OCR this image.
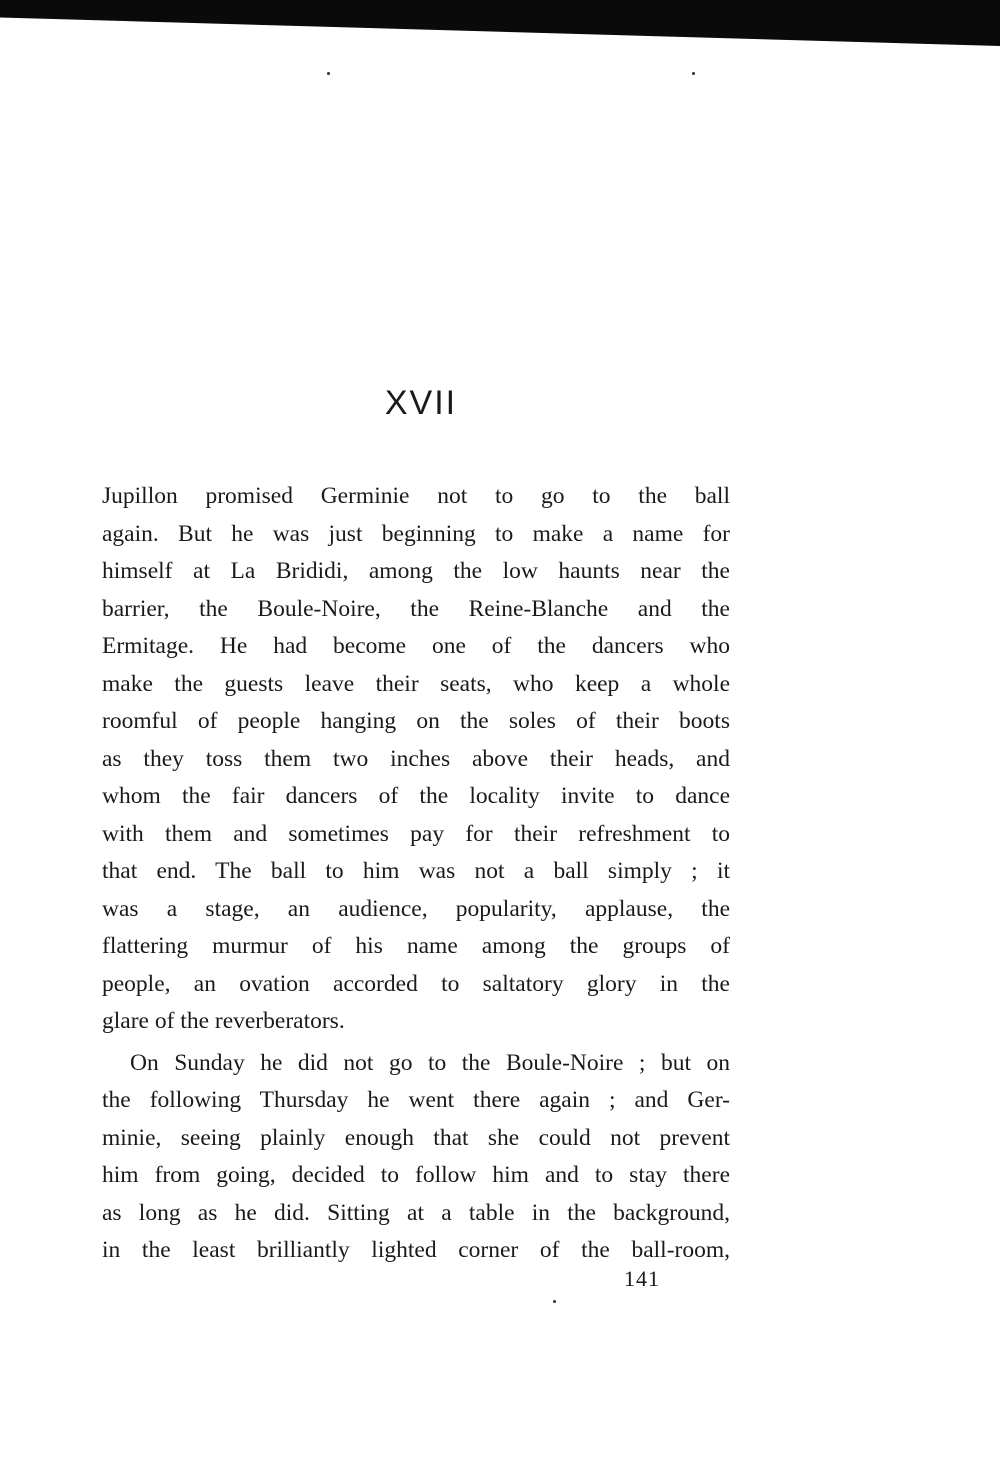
XVII
Jupillon promised Germinie not to go to the ball
again. But he was just beginning to make a name for
himself at La Brididi, among the low haunts near the
barrier, the Boule-Noire, the Reine-Blanche and the
Ermitage. He had become one of the dancers who
make the guests leave their seats, who keep a whole
roomful of people hanging on the soles of their boots
as they toss them two inches above their heads, and
whom the fair dancers of the locality invite to dance
with them and sometimes pay for their refreshment to
that end. The ball to him was not a ball simply ; it
was a stage, an audience, popularity, applause, the
flattering murmur of his name among the groups of
people, an ovation accorded to saltatory glory in the
glare of the reverberators.
On Sunday he did not go to the Boule-Noire ; but on
the following Thursday he went there again ; and Ger-
minie, seeing plainly enough that she could not prevent
him from going, decided to follow him and to stay there
as long as he did. Sitting at a table in the background,
in the least brilliantly lighted corner of the ball-room,
141
